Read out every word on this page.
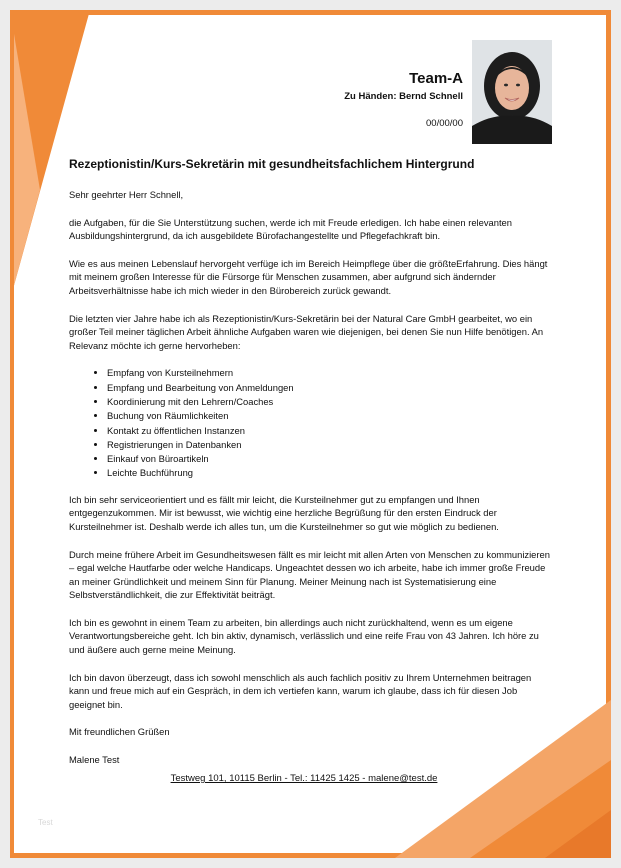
Team-A
Zu Händen: Bernd Schnell
00/00/00
Rezeptionistin/Kurs-Sekretärin mit gesundheitsfachlichem Hintergrund

Sehr geehrter Herr Schnell,

die Aufgaben, für die Sie Unterstützung suchen, werde ich mit Freude erledigen. Ich habe einen relevanten Ausbildungshintergrund, da ich ausgebildete Bürofachangestellte und Pflegefachkraft bin.

Wie es aus meinen Lebenslauf hervorgeht verfüge ich im Bereich Heimpflege über die größteErfahrung. Dies hängt mit meinem großen Interesse für die Fürsorge für Menschen zusammen, aber aufgrund sich ändernder Arbeitsverhältnisse habe ich mich wieder in den Bürobereich zurück gewandt.

Die letzten vier Jahre habe ich als Rezeptionistin/Kurs-Sekretärin bei der Natural Care GmbH gearbeitet, wo ein großer Teil meiner täglichen Arbeit ähnliche Aufgaben waren wie diejenigen, bei denen Sie nun Hilfe benötigen. An Relevanz möchte ich gerne hervorheben:

• Empfang von Kursteilnehmern
• Empfang und Bearbeitung von Anmeldungen
• Koordinierung mit den Lehrern/Coaches
• Buchung von Räumlichkeiten
• Kontakt zu öffentlichen Instanzen
• Registrierungen in Datenbanken
• Einkauf von Büroartikeln
• Leichte Buchführung

Ich bin sehr serviceorientiert und es fällt mir leicht, die Kursteilnehmer gut zu empfangen und Ihnen entgegenzukommen. Mir ist bewusst, wie wichtig eine herzliche Begrüßung für den ersten Eindruck der Kursteilnehmer ist. Deshalb werde ich alles tun, um die Kursteilnehmer so gut wie möglich zu bedienen.

Durch meine frühere Arbeit im Gesundheitswesen fällt es mir leicht mit allen Arten von Menschen zu kommunizieren – egal welche Hautfarbe oder welche Handicaps. Ungeachtet dessen wo ich arbeite, habe ich immer große Freude an meiner Gründlichkeit und meinem Sinn für Planung. Meiner Meinung nach ist Systematisierung eine Selbstverständlichkeit, die zur Effektivität beiträgt.

Ich bin es gewohnt in einem Team zu arbeiten, bin allerdings auch nicht zurückhaltend, wenn es um eigene Verantwortungsbereiche geht. Ich bin aktiv, dynamisch, verlässlich und eine reife Frau von 43 Jahren. Ich höre zu und äußere auch gerne meine Meinung.

Ich bin davon überzeugt, dass ich sowohl menschlich als auch fachlich positiv zu Ihrem Unternehmen beitragen kann und freue mich auf ein Gespräch, in dem ich vertiefen kann, warum ich glaube, dass ich für diesen Job geeignet bin.

Mit freundlichen Grüßen

Malene Test

Testweg 101, 10115 Berlin - Tel.: 11425 1425 - malene@test.de
Test
